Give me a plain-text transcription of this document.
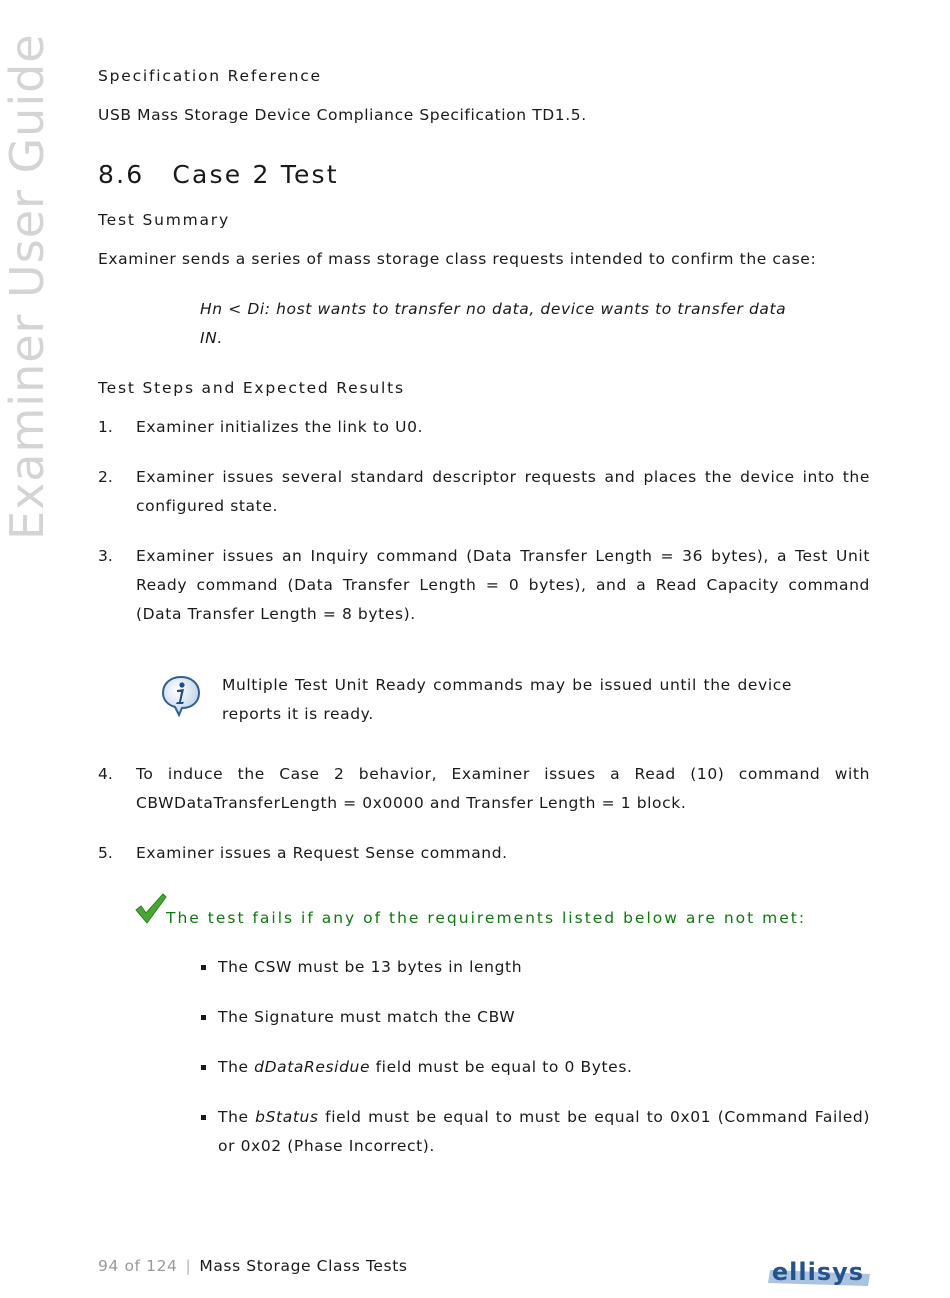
Examiner User Guide	Specification Reference
USB Mass Storage Device Compliance Specification TD1.5.
8.6 Case 2 Test
Test Summary
Examiner sends a series of mass storage class requests intended to confirm the case:
Hn < Di: host wants to transfer no data, device wants to transfer data
IN.
Test Steps and Expected Results
1. Examiner initializes the link to U0.
2. Examiner issues several standard descriptor requests and places the device into the configured state.
3. Examiner issues an Inquiry command (Data Transfer Length = 36 bytes), a Test Unit Ready command (Data Transfer Length = 0 bytes), and a Read Capacity command (Data Transfer Length = 8 bytes).
Multiple Test Unit Ready commands may be issued until the device reports it is ready.
4. To induce the Case 2 behavior, Examiner issues a Read (10) command with CBWDataTransferLength = 0x0000 and Transfer Length = 1 block.
5. Examiner issues a Request Sense command.
The test fails if any of the requirements listed below are not met:
The CSW must be 13 bytes in length
The Signature must match the CBW
The dDataResidue field must be equal to 0 Bytes.
The bStatus field must be equal to must be equal to 0x01 (Command Failed) or 0x02 (Phase Incorrect).
94 of 124 | Mass Storage Class Tests	ellisys
